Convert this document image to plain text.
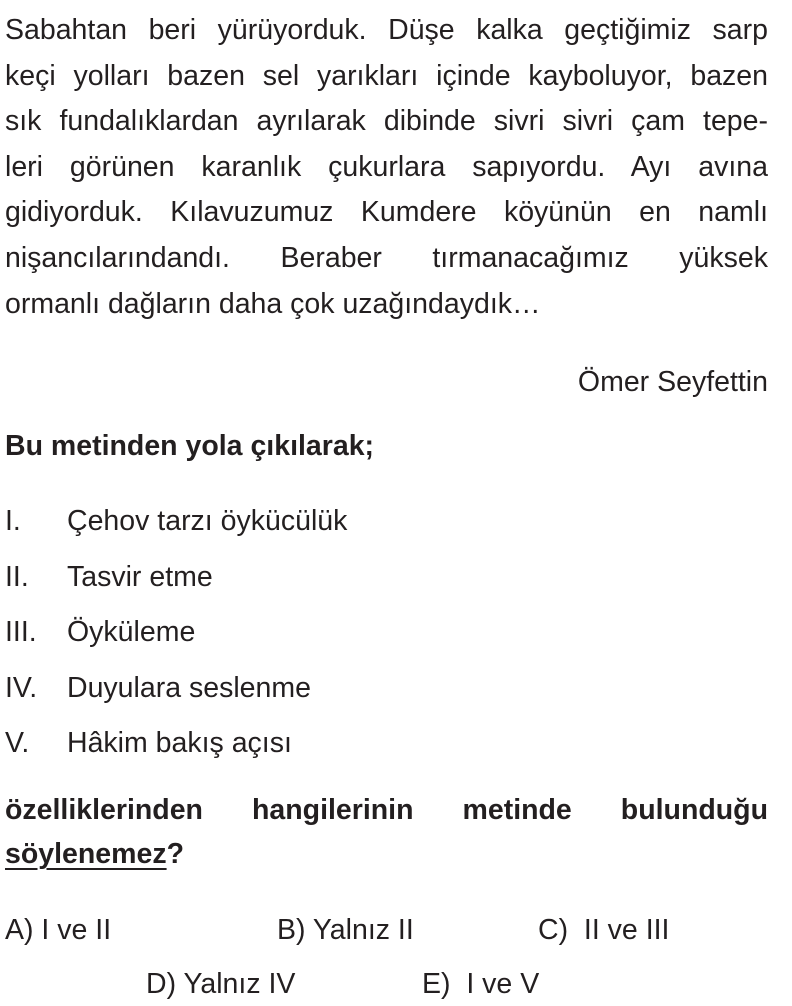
Sabahtan beri yürüyorduk. Düşe kalka geçtiğimiz sarp
keçi yolları bazen sel yarıkları içinde kayboluyor, bazen
sık fundalıklardan ayrılarak dibinde sivri sivri çam tepe-
leri görünen karanlık çukurlara sapıyordu. Ayı avına
gidiyorduk. Kılavuzumuz Kumdere köyünün en namlı
nişancılarındandı. Beraber tırmanacağımız yüksek
ormanlı dağların daha çok uzağındaydık…
Ömer Seyfettin
Bu metinden yola çıkılarak;
I. Çehov tarzı öykücülük
II. Tasvir etme
III. Öyküleme
IV. Duyulara seslenme
V. Hâkim bakış açısı
özelliklerinden hangilerinin metinde bulunduğu
söylenemez?
A) I ve II	B) Yalnız II	C) II ve III
D) Yalnız IV	E) I ve V
